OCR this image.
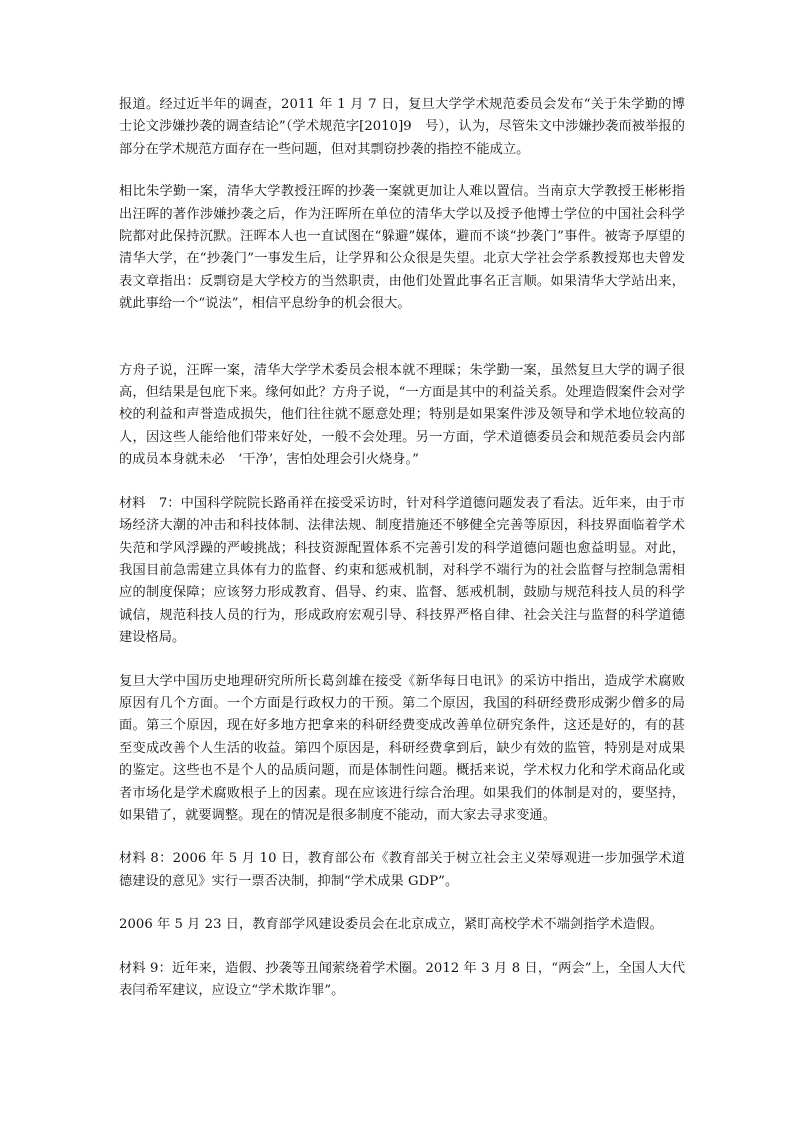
报道。经过近半年的调查，2011 年 1 月 7 日，复旦大学学术规范委员会发布“关于朱学勤的博士论文涉嫌抄袭的调查结论”（学术规范字[2010]9　号），认为，尽管朱文中涉嫌抄袭而被举报的部分在学术规范方面存在一些问题，但对其剽窃抄袭的指控不能成立。

相比朱学勤一案，清华大学教授汪晖的抄袭一案就更加让人难以置信。当南京大学教授王彬彬指出汪晖的著作涉嫌抄袭之后，作为汪晖所在单位的清华大学以及授予他博士学位的中国社会科学院都对此保持沉默。汪晖本人也一直试图在“躲避”媒体，避而不谈“抄袭门”事件。被寄予厚望的清华大学，在“抄袭门”一事发生后，让学界和公众很是失望。北京大学社会学系教授郑也夫曾发表文章指出：反剽窃是大学校方的当然职责，由他们处置此事名正言顺。如果清华大学站出来，就此事给一个“说法”，相信平息纷争的机会很大。

方舟子说，汪晖一案，清华大学学术委员会根本就不理睬；朱学勤一案，虽然复旦大学的调子很高，但结果是包庇下来。缘何如此？方舟子说，“一方面是其中的利益关系。处理造假案件会对学校的利益和声誉造成损失，他们往往就不愿意处理；特别是如果案件涉及领导和学术地位较高的人，因这些人能给他们带来好处，一般不会处理。另一方面，学术道德委员会和规范委员会内部的成员本身就未必　‘干净’，害怕处理会引火烧身。”

材料　7：中国科学院院长路甬祥在接受采访时，针对科学道德问题发表了看法。近年来，由于市场经济大潮的冲击和科技体制、法律法规、制度措施还不够健全完善等原因，科技界面临着学术失范和学风浮躁的严峻挑战；科技资源配置体系不完善引发的科学道德问题也愈益明显。对此，我国目前急需建立具体有力的监督、约束和惩戒机制，对科学不端行为的社会监督与控制急需相应的制度保障；应该努力形成教育、倡导、约束、监督、惩戒机制，鼓励与规范科技人员的科学诚信，规范科技人员的行为，形成政府宏观引导、科技界严格自律、社会关注与监督的科学道德建设格局。

复旦大学中国历史地理研究所所长葛剑雄在接受《新华每日电讯》的采访中指出，造成学术腐败原因有几个方面。一个方面是行政权力的干预。第二个原因，我国的科研经费形成粥少僧多的局面。第三个原因，现在好多地方把拿来的科研经费变成改善单位研究条件，这还是好的，有的甚至变成改善个人生活的收益。第四个原因是，科研经费拿到后，缺少有效的监管，特别是对成果的鉴定。这些也不是个人的品质问题，而是体制性问题。概括来说，学术权力化和学术商品化或者市场化是学术腐败根子上的因素。现在应该进行综合治理。如果我们的体制是对的，要坚持，如果错了，就要调整。现在的情况是很多制度不能动，而大家去寻求变通。

材料 8：2006 年 5 月 10 日，教育部公布《教育部关于树立社会主义荣辱观进一步加强学术道德建设的意见》实行一票否决制，抑制“学术成果 GDP”。

2006 年 5 月 23 日，教育部学风建设委员会在北京成立，紧盯高校学术不端剑指学术造假。

材料 9：近年来，造假、抄袭等丑闻萦绕着学术圈。2012 年 3 月 8 日，“两会”上，全国人大代表闫希军建议，应设立“学术欺诈罪”。
